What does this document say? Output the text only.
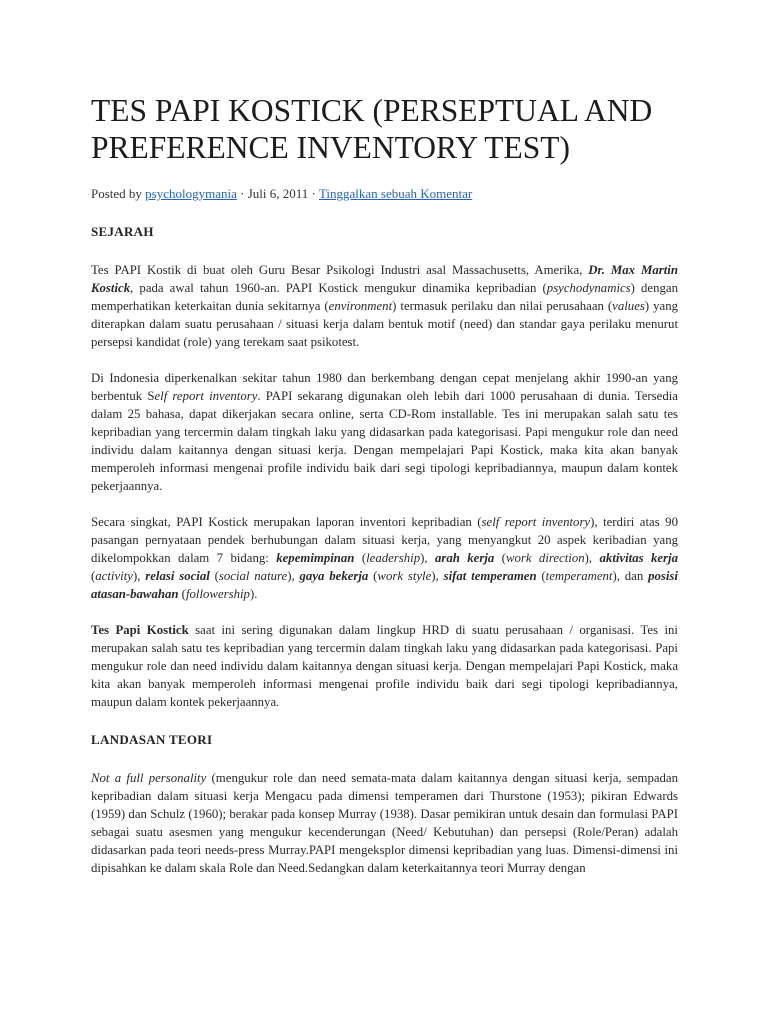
TES PAPI KOSTICK (PERSEPTUAL AND PREFERENCE INVENTORY TEST)
Posted by psychologymania · Juli 6, 2011 · Tinggalkan sebuah Komentar
SEJARAH

Tes PAPI Kostik di buat oleh Guru Besar Psikologi Industri asal Massachusetts, Amerika, Dr. Max Martin Kostick, pada awal tahun 1960-an. PAPI Kostick mengukur dinamika kepribadian (psychodynamics) dengan memperhatikan keterkaitan dunia sekitarnya (environment) termasuk perilaku dan nilai perusahaan (values) yang diterapkan dalam suatu perusahaan / situasi kerja dalam bentuk motif (need) dan standar gaya perilaku menurut persepsi kandidat (role) yang terekam saat psikotest.

Di Indonesia diperkenalkan sekitar tahun 1980 dan berkembang dengan cepat menjelang akhir 1990-an yang berbentuk Self report inventory. PAPI sekarang digunakan oleh lebih dari 1000 perusahaan di dunia. Tersedia dalam 25 bahasa, dapat dikerjakan secara online, serta CD-Rom installable. Tes ini merupakan salah satu tes kepribadian yang tercermin dalam tingkah laku yang didasarkan pada kategorisasi. Papi mengukur role dan need individu dalam kaitannya dengan situasi kerja. Dengan mempelajari Papi Kostick, maka kita akan banyak memperoleh informasi mengenai profile individu baik dari segi tipologi kepribadiannya, maupun dalam kontek pekerjaannya.

Secara singkat, PAPI Kostick merupakan laporan inventori kepribadian (self report inventory), terdiri atas 90 pasangan pernyataan pendek berhubungan dalam situasi kerja, yang menyangkut 20 aspek keribadian yang dikelompokkan dalam 7 bidang: kepemimpinan (leadership), arah kerja (work direction), aktivitas kerja (activity), relasi social (social nature), gaya bekerja (work style), sifat temperamen (temperament), dan posisi atasan-bawahan (followership).

Tes Papi Kostick saat ini sering digunakan dalam lingkup HRD di suatu perusahaan / organisasi. Tes ini merupakan salah satu tes kepribadian yang tercermin dalam tingkah laku yang didasarkan pada kategorisasi. Papi mengukur role dan need individu dalam kaitannya dengan situasi kerja. Dengan mempelajari Papi Kostick, maka kita akan banyak memperoleh informasi mengenai profile individu baik dari segi tipologi kepribadiannya, maupun dalam kontek pekerjaannya.

LANDASAN TEORI

Not a full personality (mengukur role dan need semata-mata dalam kaitannya dengan situasi kerja, sempadan kepribadian dalam situasi kerja Mengacu pada dimensi temperamen dari Thurstone (1953); pikiran Edwards (1959) dan Schulz (1960); berakar pada konsep Murray (1938). Dasar pemikiran untuk desain dan formulasi PAPI sebagai suatu asesmen yang mengukur kecenderungan (Need/ Kebutuhan) dan persepsi (Role/Peran) adalah didasarkan pada teori needs-press Murray.PAPI mengeksplor dimensi kepribadian yang luas. Dimensi-dimensi ini dipisahkan ke dalam skala Role dan Need.Sedangkan dalam keterkaitannya teori Murray dengan
